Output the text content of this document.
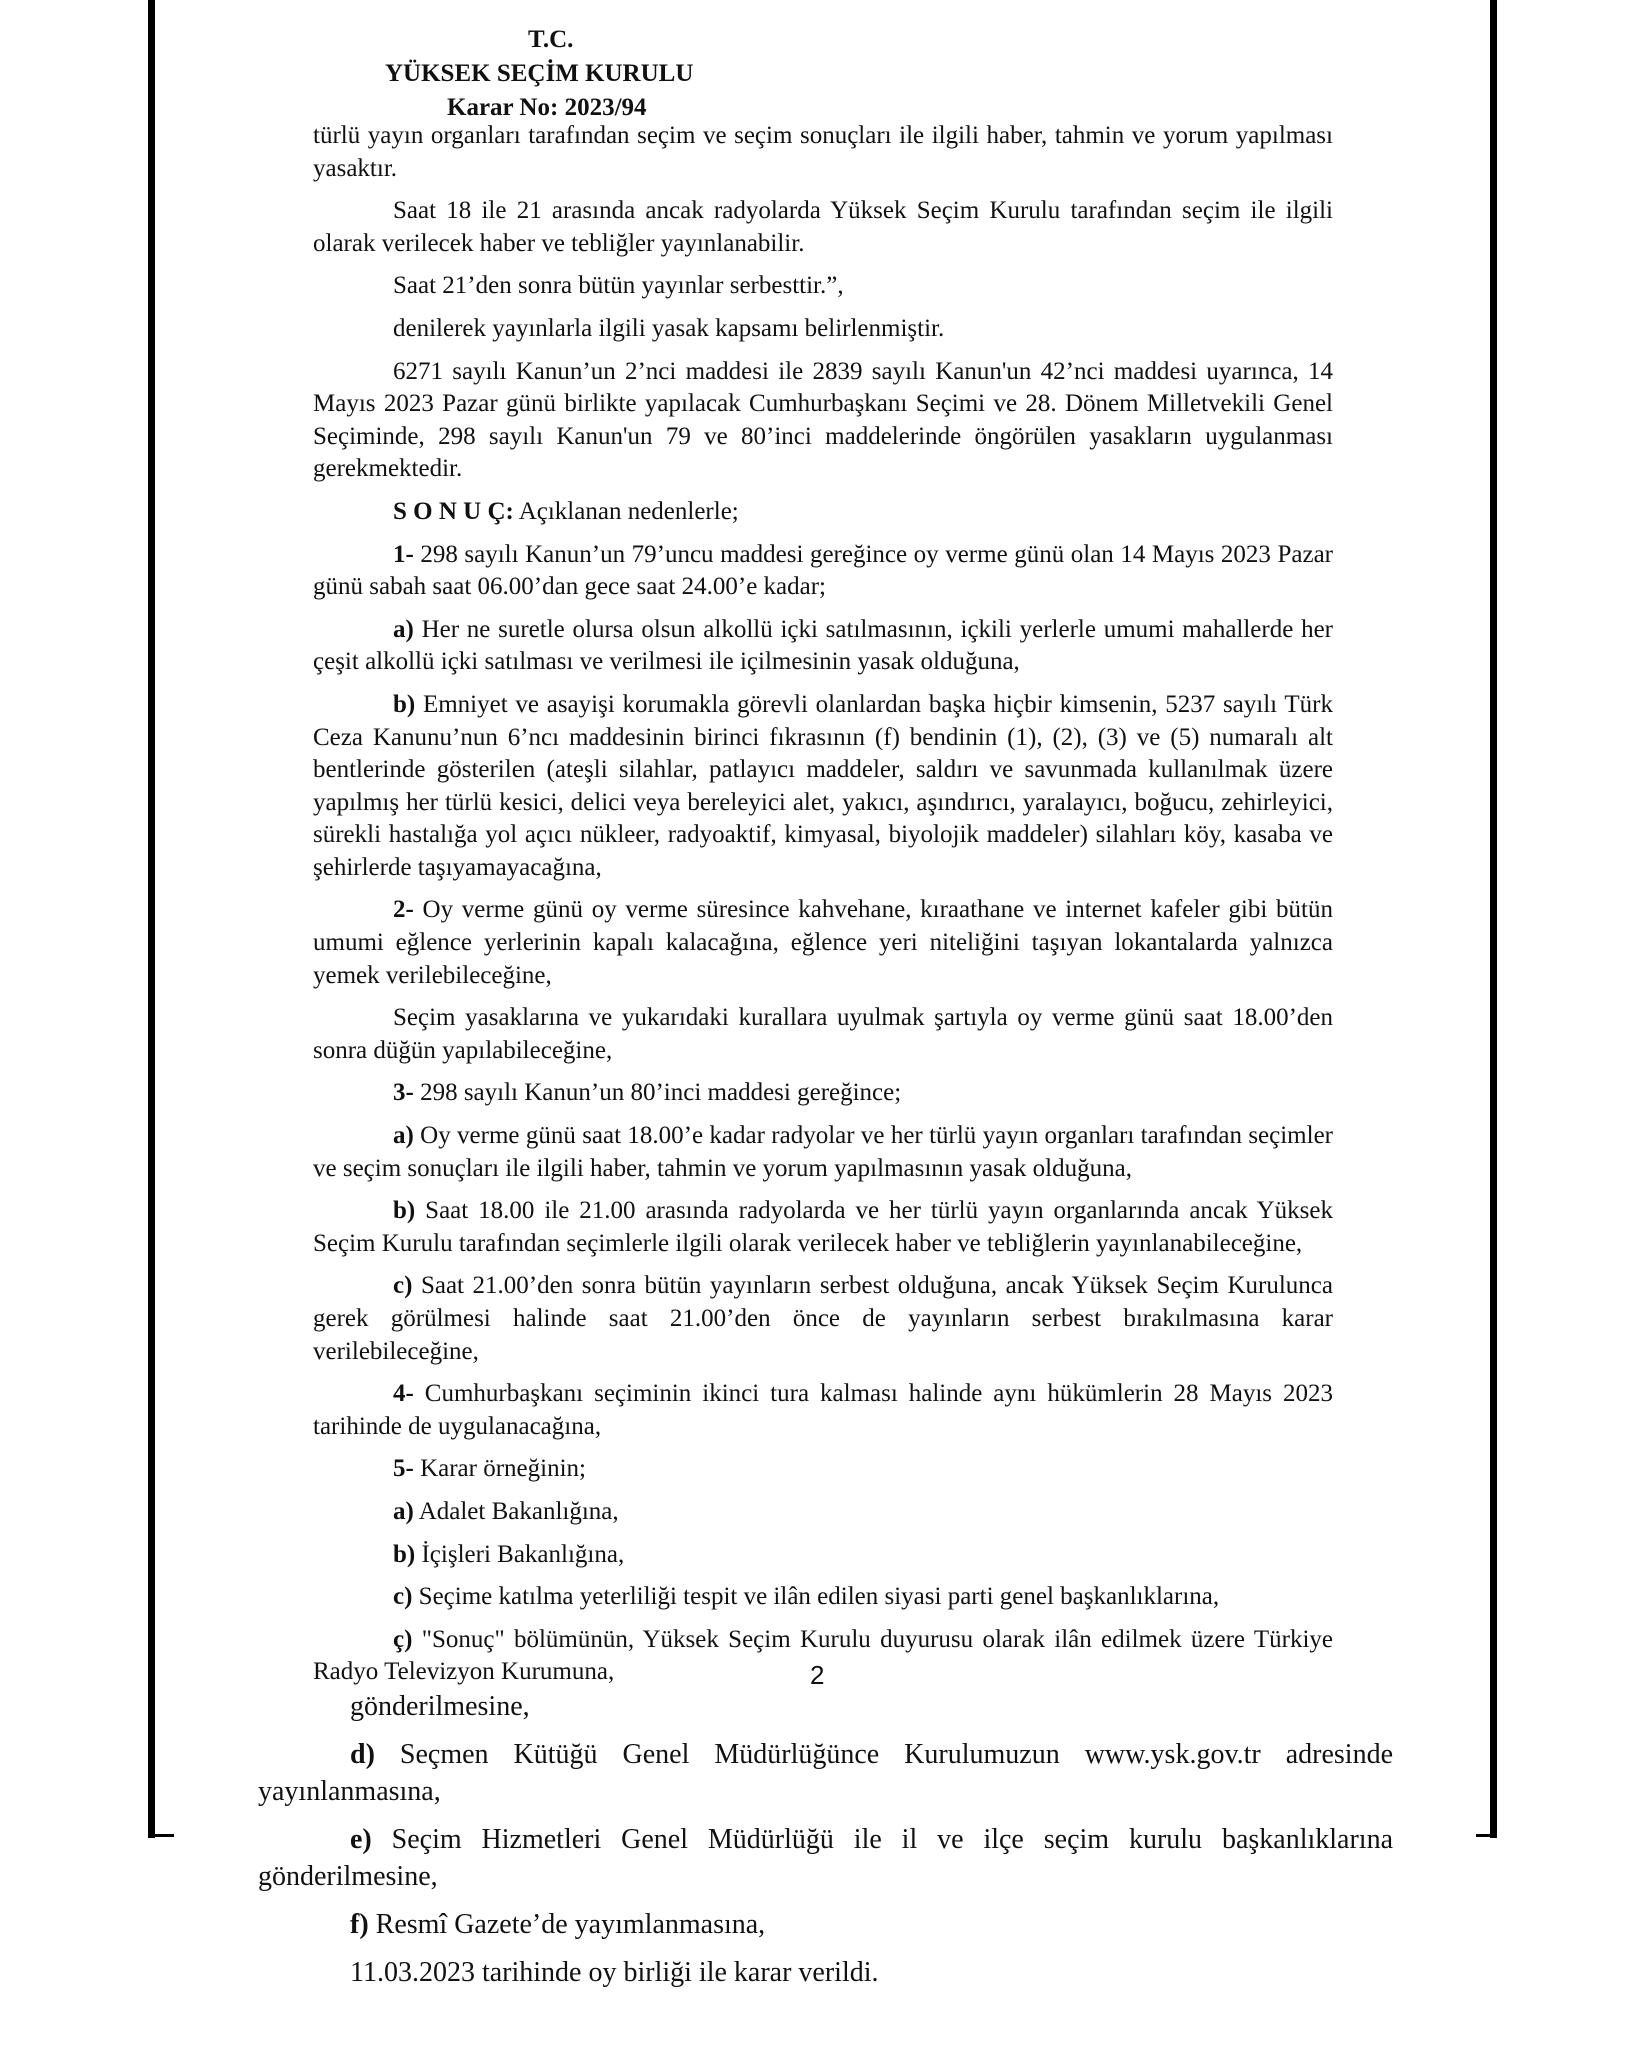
T.C.
YÜKSEK SEÇİM KURULU
Karar No: 2023/94

türlü yayın organları tarafından seçim ve seçim sonuçları ile ilgili haber, tahmin ve yorum yapılması yasaktır.

Saat 18 ile 21 arasında ancak radyolarda Yüksek Seçim Kurulu tarafından seçim ile ilgili olarak verilecek haber ve tebliğler yayınlanabilir.

Saat 21’den sonra bütün yayınlar serbesttir.”,

denilerek yayınlarla ilgili yasak kapsamı belirlenmiştir.

6271 sayılı Kanun’un 2’nci maddesi ile 2839 sayılı Kanun'un 42’nci maddesi uyarınca, 14 Mayıs 2023 Pazar günü birlikte yapılacak Cumhurbaşkanı Seçimi ve 28. Dönem Milletvekili Genel Seçiminde, 298 sayılı Kanun'un 79 ve 80’inci maddelerinde öngörülen yasakların uygulanması gerekmektedir.

S O N U Ç: Açıklanan nedenlerle;

1- 298 sayılı Kanun’un 79’uncu maddesi gereğince oy verme günü olan 14 Mayıs 2023 Pazar günü sabah saat 06.00’dan gece saat 24.00’e kadar;

a) Her ne suretle olursa olsun alkollü içki satılmasının, içkili yerlerle umumi mahallerde her çeşit alkollü içki satılması ve verilmesi ile içilmesinin yasak olduğuna,

b) Emniyet ve asayişi korumakla görevli olanlardan başka hiçbir kimsenin, 5237 sayılı Türk Ceza Kanunu’nun 6’ncı maddesinin birinci fıkrasının (f) bendinin (1), (2), (3) ve (5) numaralı alt bentlerinde gösterilen (ateşli silahlar, patlayıcı maddeler, saldırı ve savunmada kullanılmak üzere yapılmış her türlü kesici, delici veya bereleyici alet, yakıcı, aşındırıcı, yaralayıcı, boğucu, zehirleyici, sürekli hastalığa yol açıcı nükleer, radyoaktif, kimyasal, biyolojik maddeler) silahları köy, kasaba ve şehirlerde taşıyamayacağına,

2- Oy verme günü oy verme süresince kahvehane, kıraathane ve internet kafeler gibi bütün umumi eğlence yerlerinin kapalı kalacağına, eğlence yeri niteliğini taşıyan lokantalarda yalnızca yemek verilebileceğine,

Seçim yasaklarına ve yukarıdaki kurallara uyulmak şartıyla oy verme günü saat 18.00’den sonra düğün yapılabileceğine,

3- 298 sayılı Kanun’un 80’inci maddesi gereğince;

a) Oy verme günü saat 18.00’e kadar radyolar ve her türlü yayın organları tarafından seçimler ve seçim sonuçları ile ilgili haber, tahmin ve yorum yapılmasının yasak olduğuna,

b) Saat 18.00 ile 21.00 arasında radyolarda ve her türlü yayın organlarında ancak Yüksek Seçim Kurulu tarafından seçimlerle ilgili olarak verilecek haber ve tebliğlerin yayınlanabileceğine,

c) Saat 21.00’den sonra bütün yayınların serbest olduğuna, ancak Yüksek Seçim Kurulunca gerek görülmesi halinde saat 21.00’den önce de yayınların serbest bırakılmasına karar verilebileceğine,

4- Cumhurbaşkanı seçiminin ikinci tura kalması halinde aynı hükümlerin 28 Mayıs 2023 tarihinde de uygulanacağına,

5- Karar örneğinin;

a) Adalet Bakanlığına,

b) İçişleri Bakanlığına,

c) Seçime katılma yeterliliği tespit ve ilân edilen siyasi parti genel başkanlıklarına,

ç) "Sonuç" bölümünün, Yüksek Seçim Kurulu duyurusu olarak ilân edilmek üzere Türkiye Radyo Televizyon Kurumuna,	2

gönderilmesine,

d) Seçmen Kütüğü Genel Müdürlüğünce Kurulumuzun www.ysk.gov.tr adresinde yayınlanmasına,

e) Seçim Hizmetleri Genel Müdürlüğü ile il ve ilçe seçim kurulu başkanlıklarına gönderilmesine,

f) Resmî Gazete’de yayımlanmasına,

11.03.2023 tarihinde oy birliği ile karar verildi.
